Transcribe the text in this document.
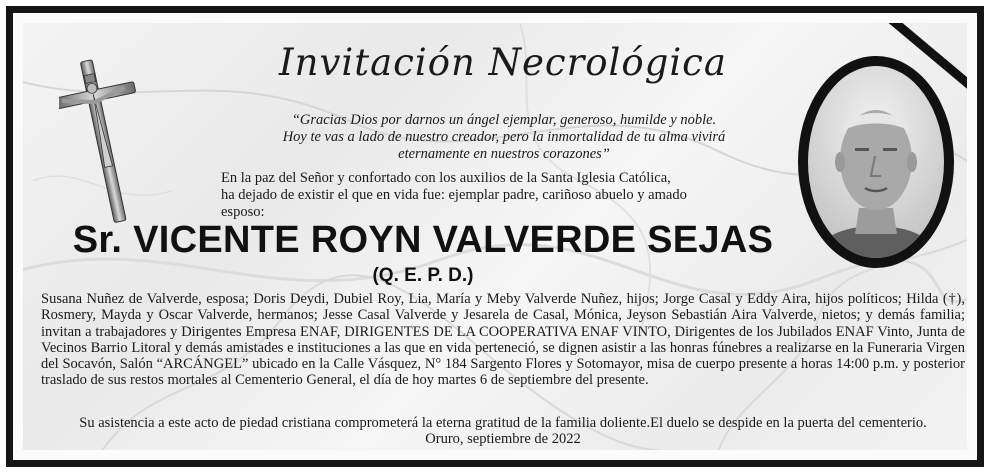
Invitación Necrológica
“Gracias Dios por darnos un ángel ejemplar, generoso, humilde y noble.
Hoy te vas a lado de nuestro creador, pero la inmortalidad de tu alma vivirá
eternamente en nuestros corazones”
En la paz del Señor y confortado con los auxilios de la Santa Iglesia Católica,
ha dejado de existir el que en vida fue: ejemplar padre, cariñoso abuelo y amado
esposo:
Sr. VICENTE ROYN VALVERDE SEJAS
(Q. E. P. D.)

Susana Nuñez de Valverde, esposa; Doris Deydi, Dubiel Roy, Lia, María y Meby Valverde Nuñez, hijos; Jorge Casal y Eddy Aira, hijos políticos; Hilda (†), Rosmery, Mayda y Oscar Valverde, hermanos; Jesse Casal Valverde y Jesarela de Casal, Mónica, Jeyson Sebastián Aira Valverde, nietos; y demás familia; invitan a trabajadores y Dirigentes Empresa ENAF, DIRIGENTES DE LA COOPERATIVA ENAF VINTO, Dirigentes de los Jubilados ENAF Vinto, Junta de Vecinos Barrio Litoral y demás amistades e instituciones a las que en vida perteneció, se dignen asistir a las honras fúnebres a realizarse en la Funeraria Virgen del Socavón, Salón “ARCÁNGEL” ubicado en la Calle Vásquez, N° 184 Sargento Flores y Sotomayor, misa de cuerpo presente a horas 14:00 p.m. y posterior traslado de sus restos mortales al Cementerio General, el día de hoy martes 6 de septiembre del presente.

Su asistencia a este acto de piedad cristiana comprometerá la eterna gratitud de la familia doliente.El duelo se despide en la puerta del cementerio.
Oruro, septiembre de 2022
